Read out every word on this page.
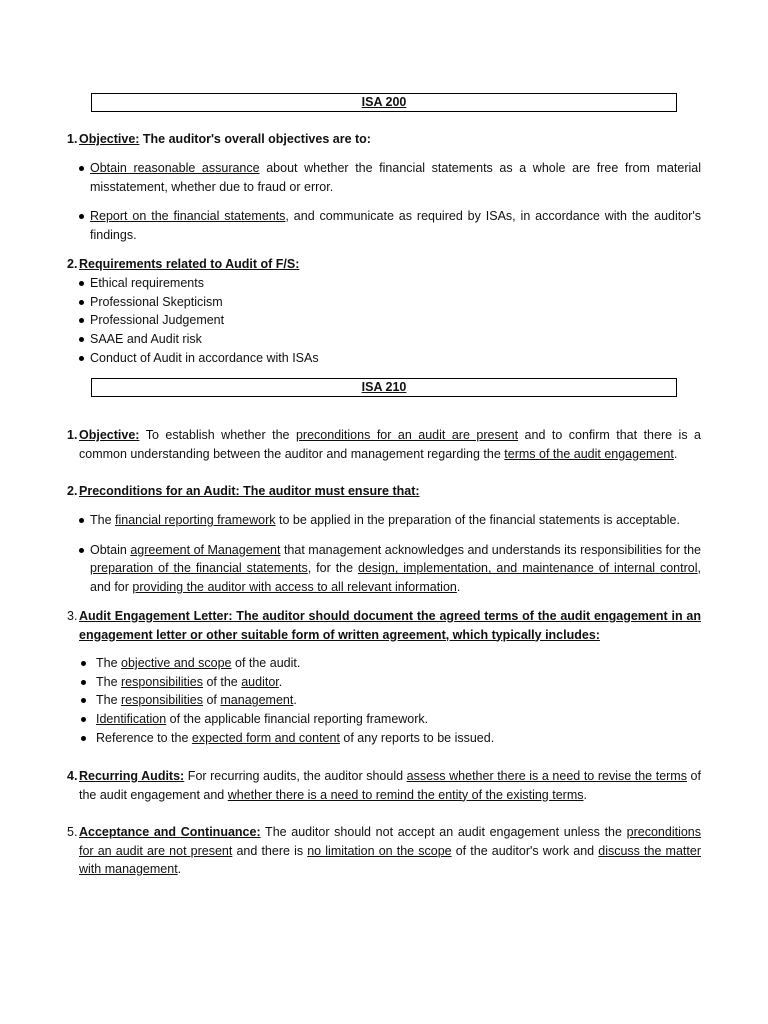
ISA 200
1. Objective: The auditor's overall objectives are to:
Obtain reasonable assurance about whether the financial statements as a whole are free from material misstatement, whether due to fraud or error.
Report on the financial statements, and communicate as required by ISAs, in accordance with the auditor's findings.
2. Requirements related to Audit of F/S:
Ethical requirements
Professional Skepticism
Professional Judgement
SAAE and Audit risk
Conduct of Audit in accordance with ISAs
ISA 210
1. Objective: To establish whether the preconditions for an audit are present and to confirm that there is a common understanding between the auditor and management regarding the terms of the audit engagement.
2. Preconditions for an Audit: The auditor must ensure that:
The financial reporting framework to be applied in the preparation of the financial statements is acceptable.
Obtain agreement of Management that management acknowledges and understands its responsibilities for the preparation of the financial statements, for the design, implementation, and maintenance of internal control, and for providing the auditor with access to all relevant information.
3. Audit Engagement Letter: The auditor should document the agreed terms of the audit engagement in an engagement letter or other suitable form of written agreement, which typically includes:
The objective and scope of the audit.
The responsibilities of the auditor.
The responsibilities of management.
Identification of the applicable financial reporting framework.
Reference to the expected form and content of any reports to be issued.
4. Recurring Audits: For recurring audits, the auditor should assess whether there is a need to revise the terms of the audit engagement and whether there is a need to remind the entity of the existing terms.
5. Acceptance and Continuance: The auditor should not accept an audit engagement unless the preconditions for an audit are not present and there is no limitation on the scope of the auditor's work and discuss the matter with management.
